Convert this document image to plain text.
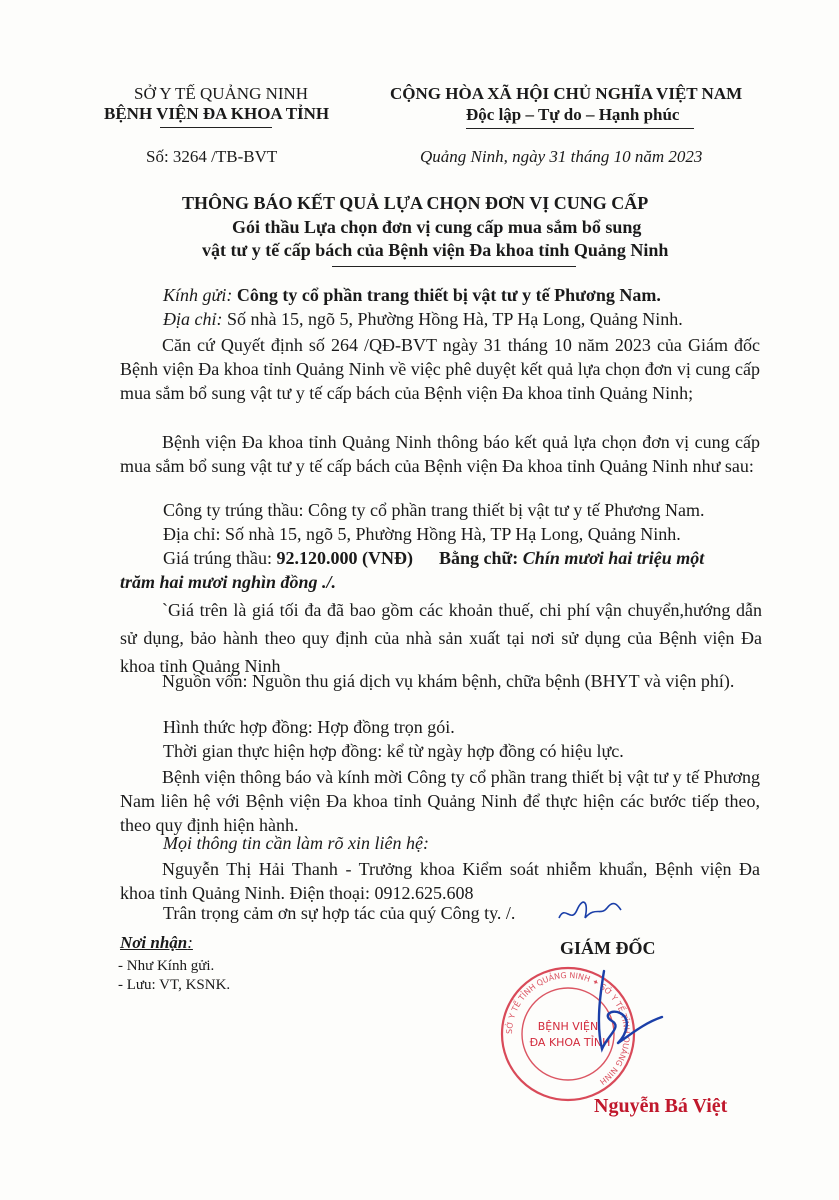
SỞ Y TẾ QUẢNG NINH
BỆNH VIỆN ĐA KHOA TỈNH
Số: 3264 /TB-BVT
CỘNG HÒA XÃ HỘI CHỦ NGHĨA VIỆT NAM
Độc lập – Tự do – Hạnh phúc
Quảng Ninh, ngày 31 tháng 10 năm 2023
THÔNG BÁO KẾT QUẢ LỰA CHỌN ĐƠN VỊ CUNG CẤP
Gói thầu Lựa chọn đơn vị cung cấp mua sắm bổ sung
vật tư y tế cấp bách của Bệnh viện Đa khoa tỉnh Quảng Ninh
Kính gửi: Công ty cổ phần trang thiết bị vật tư y tế Phương Nam.
Địa chỉ: Số nhà 15, ngõ 5, Phường Hồng Hà, TP Hạ Long, Quảng Ninh.
Căn cứ Quyết định số 264 /QĐ-BVT ngày 31 tháng 10 năm 2023 của Giám đốc Bệnh viện Đa khoa tỉnh Quảng Ninh về việc phê duyệt kết quả lựa chọn đơn vị cung cấp mua sắm bổ sung vật tư y tế cấp bách của Bệnh viện Đa khoa tỉnh Quảng Ninh;
Bệnh viện Đa khoa tỉnh Quảng Ninh thông báo kết quả lựa chọn đơn vị cung cấp mua sắm bổ sung vật tư y tế cấp bách của Bệnh viện Đa khoa tỉnh Quảng Ninh như sau:
Công ty trúng thầu: Công ty cổ phần trang thiết bị vật tư y tế Phương Nam.
Địa chỉ: Số nhà 15, ngõ 5, Phường Hồng Hà, TP Hạ Long, Quảng Ninh.
Giá trúng thầu: 92.120.000 (VNĐ) Bằng chữ: Chín mươi hai triệu một
trăm hai mươi nghìn đồng ./.
`Giá trên là giá tối đa đã bao gồm các khoản thuế, chi phí vận chuyển,hướng dẫn sử dụng, bảo hành theo quy định của nhà sản xuất tại nơi sử dụng của Bệnh viện Đa khoa tỉnh Quảng Ninh
Nguồn vốn: Nguồn thu giá dịch vụ khám bệnh, chữa bệnh (BHYT và viện phí).
Hình thức hợp đồng: Hợp đồng trọn gói.
Thời gian thực hiện hợp đồng: kể từ ngày hợp đồng có hiệu lực.
Bệnh viện thông báo và kính mời Công ty cổ phần trang thiết bị vật tư y tế Phương Nam liên hệ với Bệnh viện Đa khoa tỉnh Quảng Ninh để thực hiện các bước tiếp theo, theo quy định hiện hành.
Mọi thông tin cần làm rõ xin liên hệ:
Nguyễn Thị Hải Thanh - Trưởng khoa Kiểm soát nhiễm khuẩn, Bệnh viện Đa khoa tỉnh Quảng Ninh. Điện thoại: 0912.625.608
Trân trọng cảm ơn sự hợp tác của quý Công ty. /.
Nơi nhận:
- Như Kính gửi.
- Lưu: VT, KSNK.
GIÁM ĐỐC
SỞ Y TẾ TỈNH QUẢNG NINH ✦ SỞ Y TẾ TỈNH QUẢNG NINH
BỆNH VIỆN
ĐA KHOA TỈNH
Nguyễn Bá Việt
